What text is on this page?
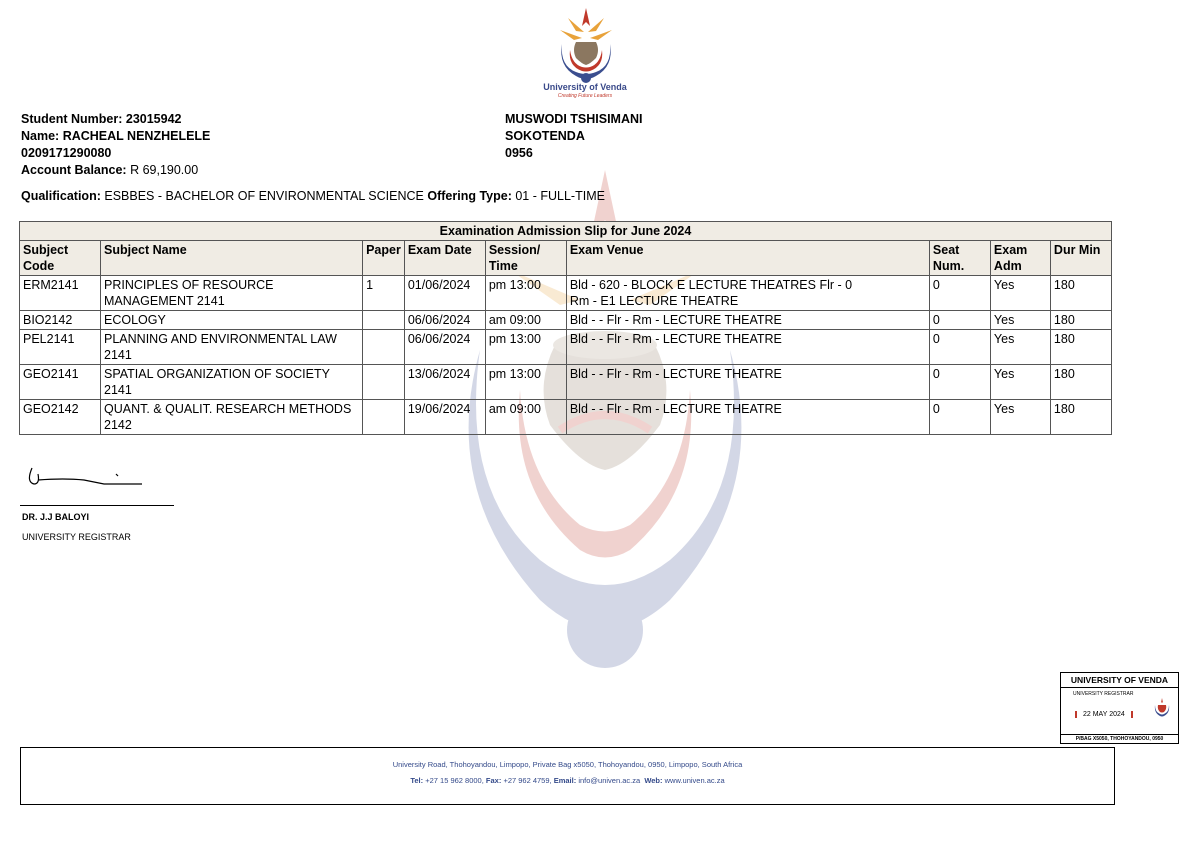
University of Venda
Creating Future Leaders
Student Number: 23015942
Name: RACHEAL NENZHELELE
0209171290080
Account Balance: R 69,190.00
MUSWODI TSHISIMANI
SOKOTENDA
0956
Qualification: ESBBES - BACHELOR OF ENVIRONMENTAL SCIENCE Offering Type: 01 - FULL-TIME
Examination Admission Slip for June 2024								
Subject Code	Subject Name	Paper	Exam Date	Session/ Time	Exam Venue	Seat Num.	Exam Adm	Dur Min
ERM2141	PRINCIPLES OF RESOURCE MANAGEMENT 2141	1	01/06/2024	pm 13:00	Bld - 620 - BLOCK E LECTURE THEATRES Flr - 0 Rm - E1 LECTURE THEATRE	0	Yes	180
BIO2142	ECOLOGY		06/06/2024	am 09:00	Bld - - Flr - Rm - LECTURE THEATRE	0	Yes	180
PEL2141	PLANNING AND ENVIRONMENTAL LAW 2141		06/06/2024	pm 13:00	Bld - - Flr - Rm - LECTURE THEATRE	0	Yes	180
GEO2141	SPATIAL ORGANIZATION OF SOCIETY 2141		13/06/2024	pm 13:00	Bld - - Flr - Rm - LECTURE THEATRE	0	Yes	180
GEO2142	QUANT. & QUALIT. RESEARCH METHODS 2142		19/06/2024	am 09:00	Bld - - Flr - Rm - LECTURE THEATRE	0	Yes	180
DR. J.J BALOYI
UNIVERSITY REGISTRAR
UNIVERSITY OF VENDA
UNIVERSITY REGISTRAR
22 MAY 2024
P/BAG X5050, THOHOYANDOU, 0950
University Road, Thohoyandou, Limpopo, Private Bag x5050, Thohoyandou, 0950, Limpopo, South Africa
Tel: +27 15 962 8000, Fax: +27 962 4759, Email: info@univen.ac.za Web: www.univen.ac.za
